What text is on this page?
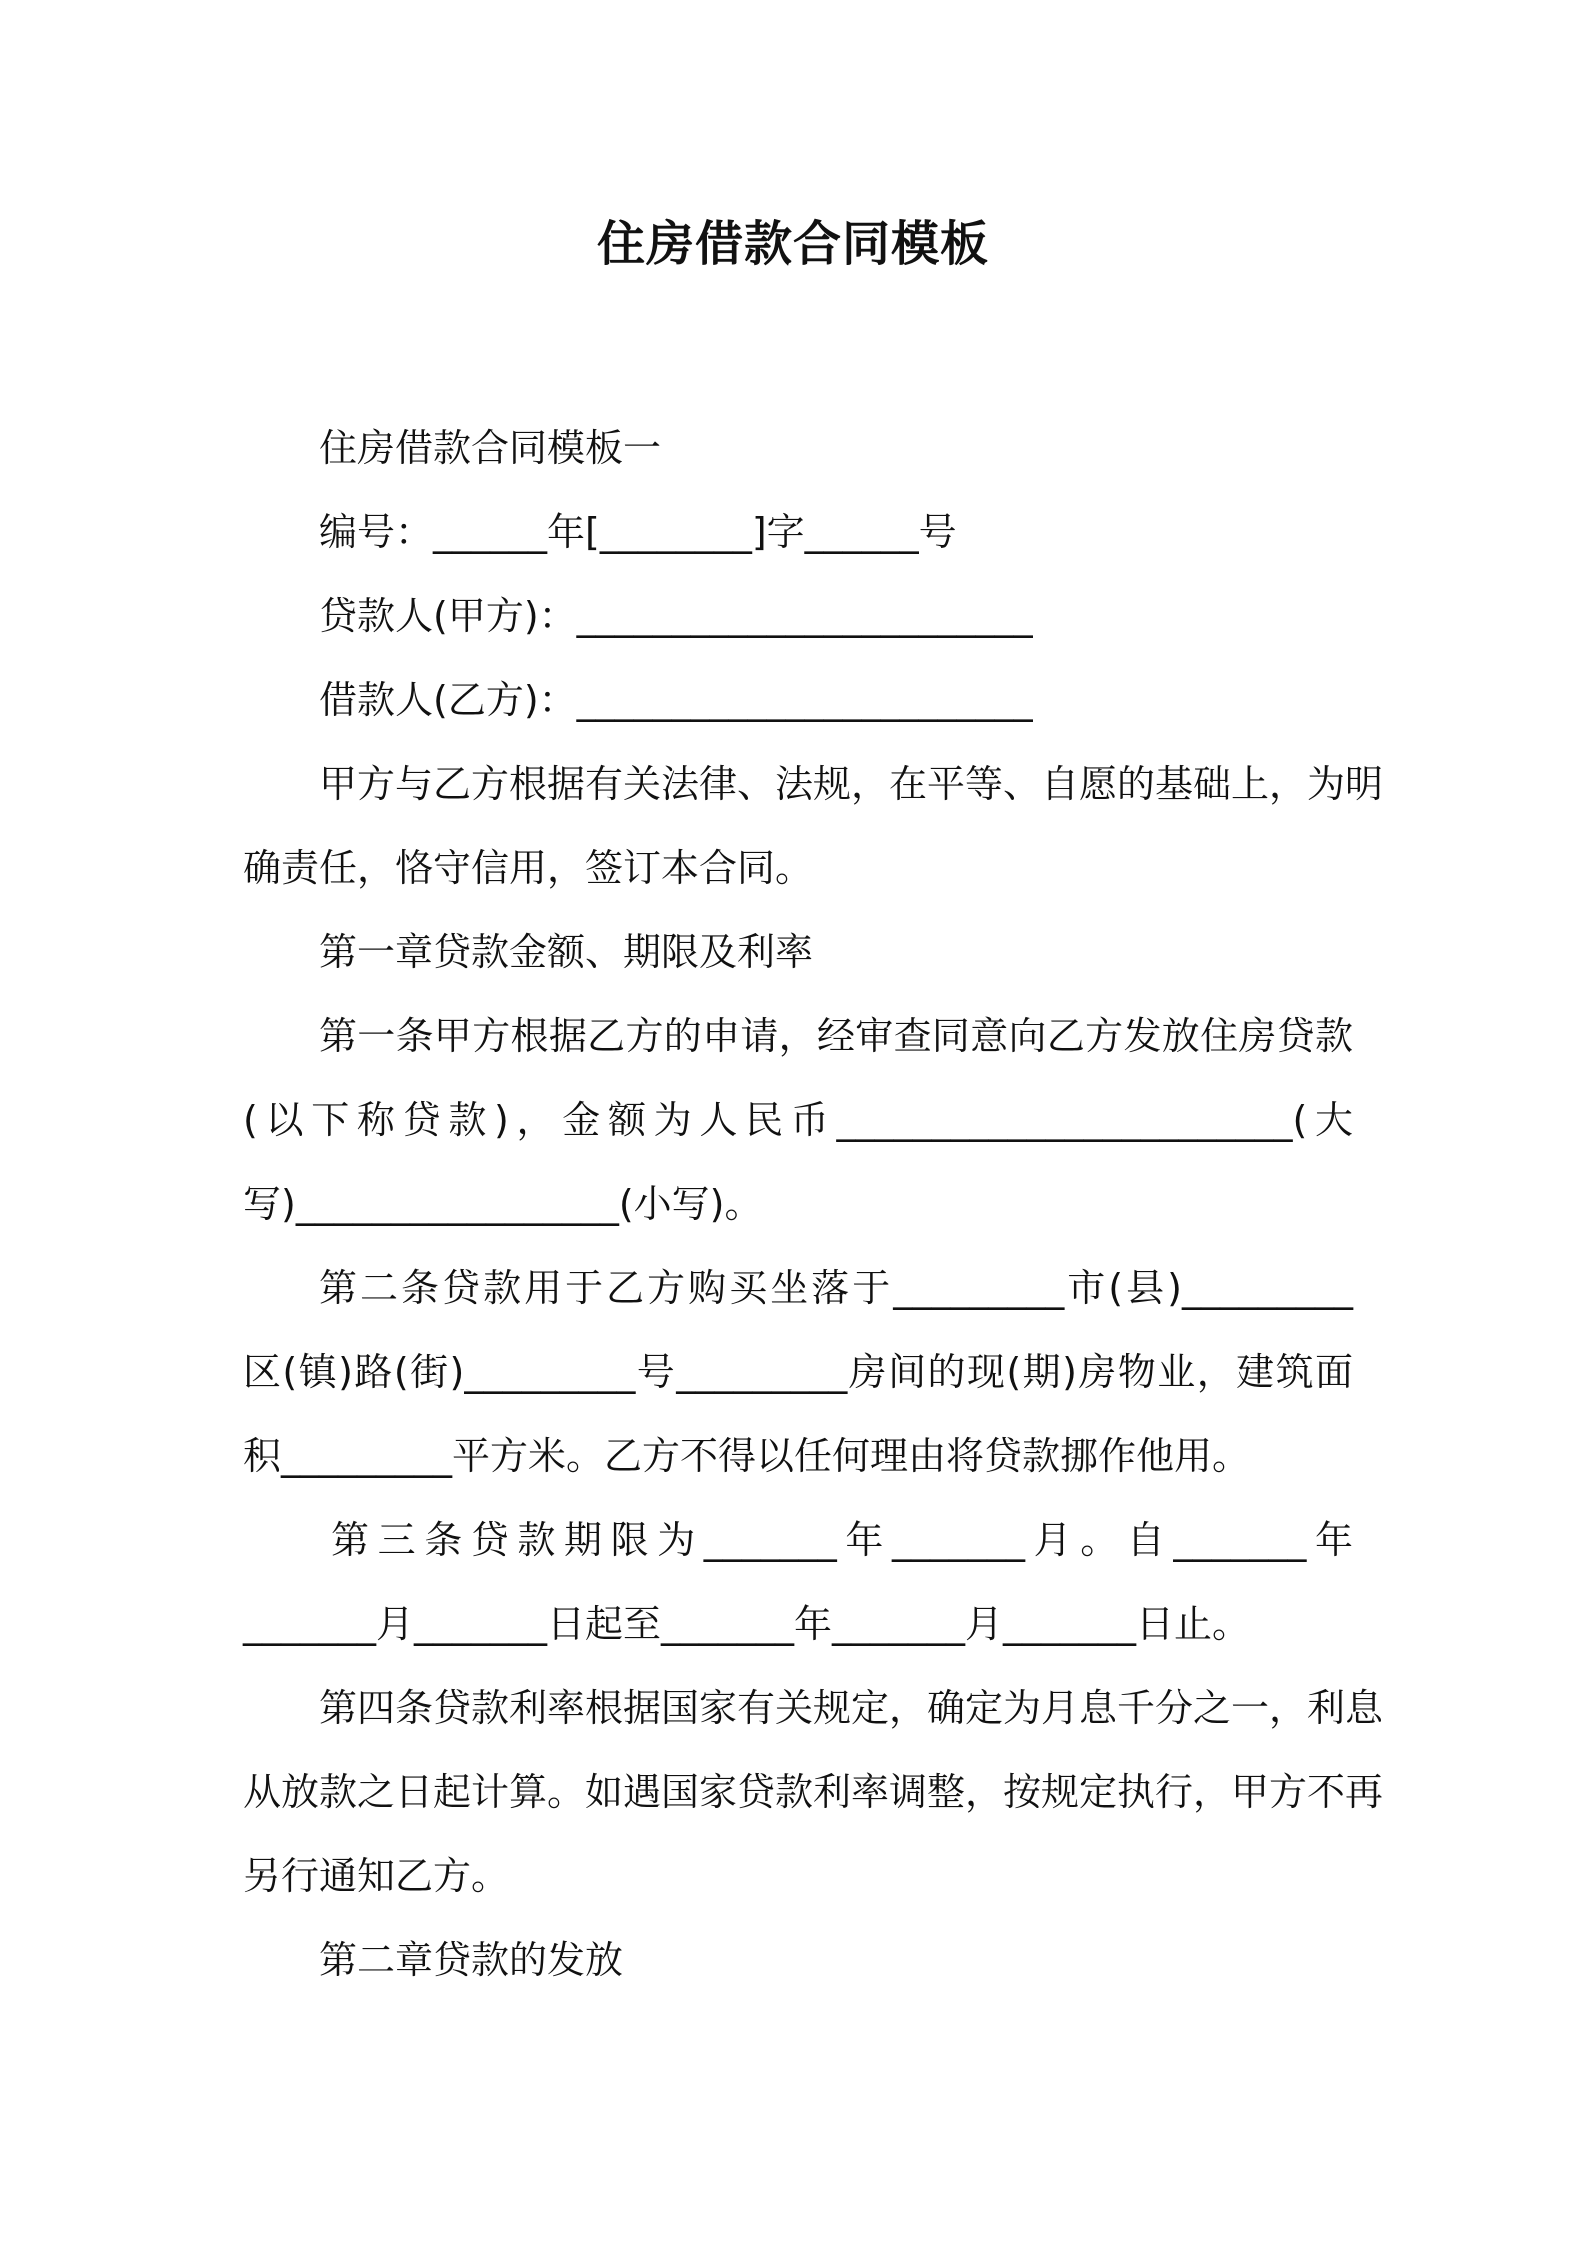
住房借款合同模板
住房借款合同模板一
编号：______年[________]字______号
贷款人(甲方)：________________________
借款人(乙方)：________________________
甲方与乙方根据有关法律、法规，在平等、自愿的基础上，为明
确责任，恪守信用，签订本合同。
第一章贷款金额、期限及利率
第一条甲方根据乙方的申请，经审查同意向乙方发放住房贷款
(以下称贷款)，金额为人民币________________________(大
写)_________________(小写)。
第二条贷款用于乙方购买坐落于_________市(县)_________
区(镇)路(街)_________号_________房间的现(期)房物业，建筑面
积_________平方米。乙方不得以任何理由将贷款挪作他用。
第三条贷款期限为_______年_______月。自_______年
_______月_______日起至_______年_______月_______日止。
第四条贷款利率根据国家有关规定，确定为月息千分之一，利息
从放款之日起计算。如遇国家贷款利率调整，按规定执行，甲方不再
另行通知乙方。
第二章贷款的发放
